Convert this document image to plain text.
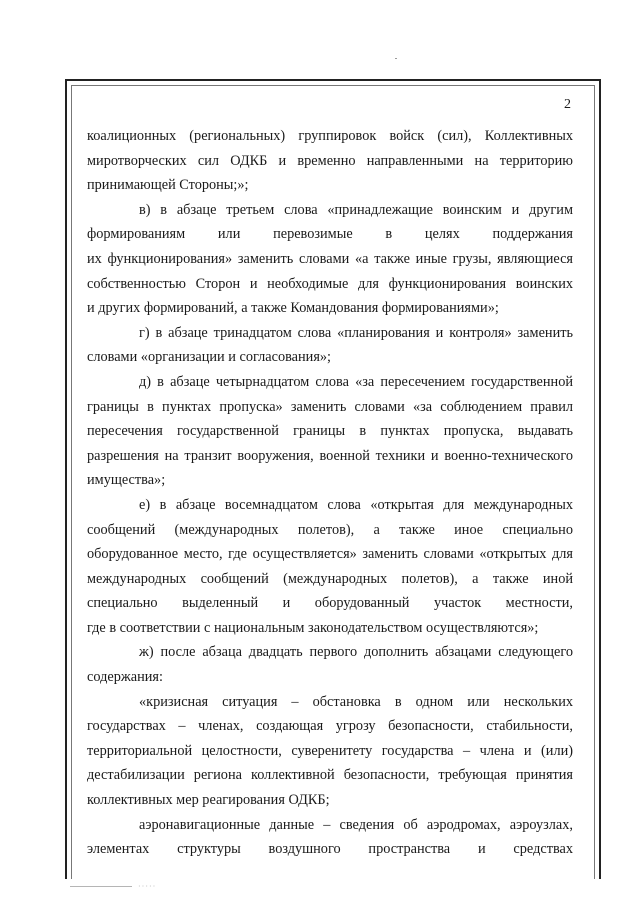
2
коалиционных (региональных) группировок войск (сил), Коллективных
миротворческих сил ОДКБ и временно направленными на территорию
принимающей Стороны;»;
в) в абзаце третьем слова «принадлежащие воинским и другим
формированиям или перевозимые в целях поддержания
их функционирования» заменить словами «а также иные грузы, являющиеся
собственностью Сторон и необходимые для функционирования воинских
и других формирований, а также Командования формированиями»;
г) в абзаце тринадцатом слова «планирования и контроля» заменить
словами «организации и согласования»;
д) в абзаце четырнадцатом слова «за пересечением государственной
границы в пунктах пропуска» заменить словами «за соблюдением правил
пересечения государственной границы в пунктах пропуска, выдавать
разрешения на транзит вооружения, военной техники и военно-технического
имущества»;
е) в абзаце восемнадцатом слова «открытая для международных
сообщений (международных полетов), а также иное специально
оборудованное место, где осуществляется» заменить словами «открытых для
международных сообщений (международных полетов), а также иной
специально выделенный и оборудованный участок местности,
где в соответствии с национальным законодательством осуществляются»;
ж) после абзаца двадцать первого дополнить абзацами следующего
содержания:
«кризисная ситуация – обстановка в одном или нескольких
государствах – членах, создающая угрозу безопасности, стабильности,
территориальной целостности, суверенитету государства – члена и (или)
дестабилизации региона коллективной безопасности, требующая принятия
коллективных мер реагирования ОДКБ;
аэронавигационные данные – сведения об аэродромах, аэроузлах,
элементах структуры воздушного пространства и средствах
·····
